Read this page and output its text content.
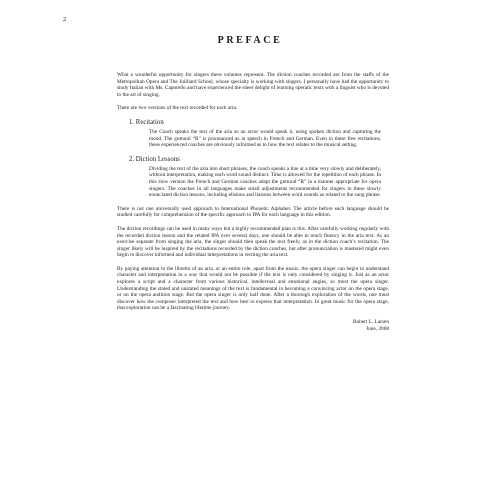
2
PREFACE

What a wonderful opportunity for singers these volumes represent. The diction coaches recorded are from the staffs of the Metropolitan Opera and The Juilliard School, whose specialty is working with singers. I personally have had the opportunity to study Italian with Ms. Caporello and have experienced the sheer delight of learning operatic texts with a linguist who is devoted to the art of singing.

There are two versions of the text recorded for each aria.

1. Recitation

The Coach speaks the text of the aria as an actor would speak it, using spoken diction and capturing the mood. The guttural “R” is pronounced as in speech in French and German. Even in these free recitations, these experienced coaches are obviously informed as to how the text relates to the musical setting.

2. Diction Lessons

Dividing the text of the aria into short phrases, the coach speaks a line at a time very slowly and deliberately, without interpretation, making each word sound distinct. Time is allowed for the repetition of each phrase. In this slow version the French and German coaches adapt the guttural “R” in a manner appropriate for opera singers. The coaches in all languages make small adjustments recommended for singers in these slowly enunciated diction lessons, including elisions and liaisons between word sounds as related to the sung phrase.

There is not one universally used approach to International Phonetic Alphabet. The article before each language should be studied carefully for comprehension of the specific approach to IPA for each language in this edition.

The diction recordings can be used in many ways but a highly recommended plan is this. After carefully working regularly with the recorded diction lesson and the related IPA over several days, one should be able to reach fluency in the aria text. As an exercise separate from singing the aria, the singer should then speak the text freely, as in the diction coach’s recitation. The singer likely will be inspired by the recitations recorded by the diction coaches, but after pronunciation is mastered might even begin to discover informed and individual interpretations in reciting the aria text.

By paying attention to the libretto of an aria, or an entire role, apart from the music, the opera singer can begin to understand character and interpretation in a way that would not be possible if the text is only considered by singing it. Just as an actor explores a script and a character from various historical, intellectual and emotional angles, so must the opera singer. Understanding the stated and unstated meanings of the text is fundamental in becoming a convincing actor on the opera stage, or on the opera audition stage. But the opera singer is only half done. After a thorough exploration of the words, one must discover how the composer interpreted the text and how best to express that interpretation. In great music for the opera stage, that exploration can be a fascinating lifetime journey.

Robert L. Larsen
June, 2008
